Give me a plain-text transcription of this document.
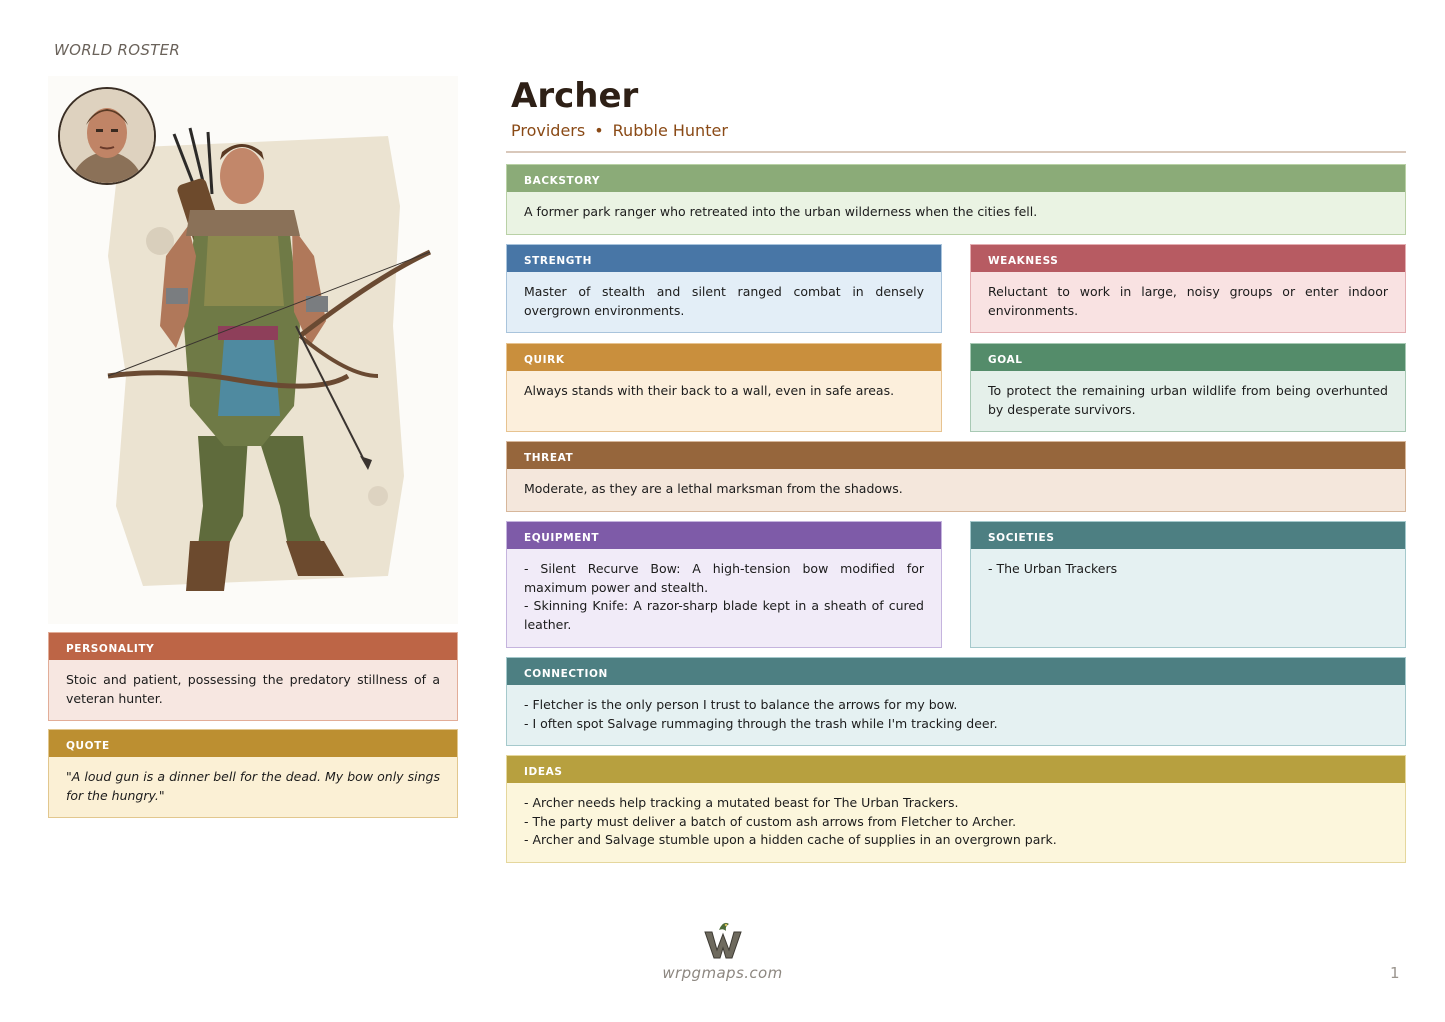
WORLD ROSTER
Archer
Providers • Rubble Hunter
PERSONALITY
Stoic and patient, possessing the predatory stillness of a veteran hunter.
QUOTE
"A loud gun is a dinner bell for the dead. My bow only sings for the hungry."
BACKSTORY
A former park ranger who retreated into the urban wilderness when the cities fell.
STRENGTH
Master of stealth and silent ranged combat in densely overgrown environments.
WEAKNESS
Reluctant to work in large, noisy groups or enter indoor environments.
QUIRK
Always stands with their back to a wall, even in safe areas.
GOAL
To protect the remaining urban wildlife from being overhunted by desperate survivors.
THREAT
Moderate, as they are a lethal marksman from the shadows.
EQUIPMENT
- Silent Recurve Bow: A high-tension bow modified for maximum power and stealth.
- Skinning Knife: A razor-sharp blade kept in a sheath of cured leather.
SOCIETIES
- The Urban Trackers
CONNECTION
- Fletcher is the only person I trust to balance the arrows for my bow.
- I often spot Salvage rummaging through the trash while I'm tracking deer.
IDEAS
- Archer needs help tracking a mutated beast for The Urban Trackers.
- The party must deliver a batch of custom ash arrows from Fletcher to Archer.
- Archer and Salvage stumble upon a hidden cache of supplies in an overgrown park.
wrpgmaps.com	1
